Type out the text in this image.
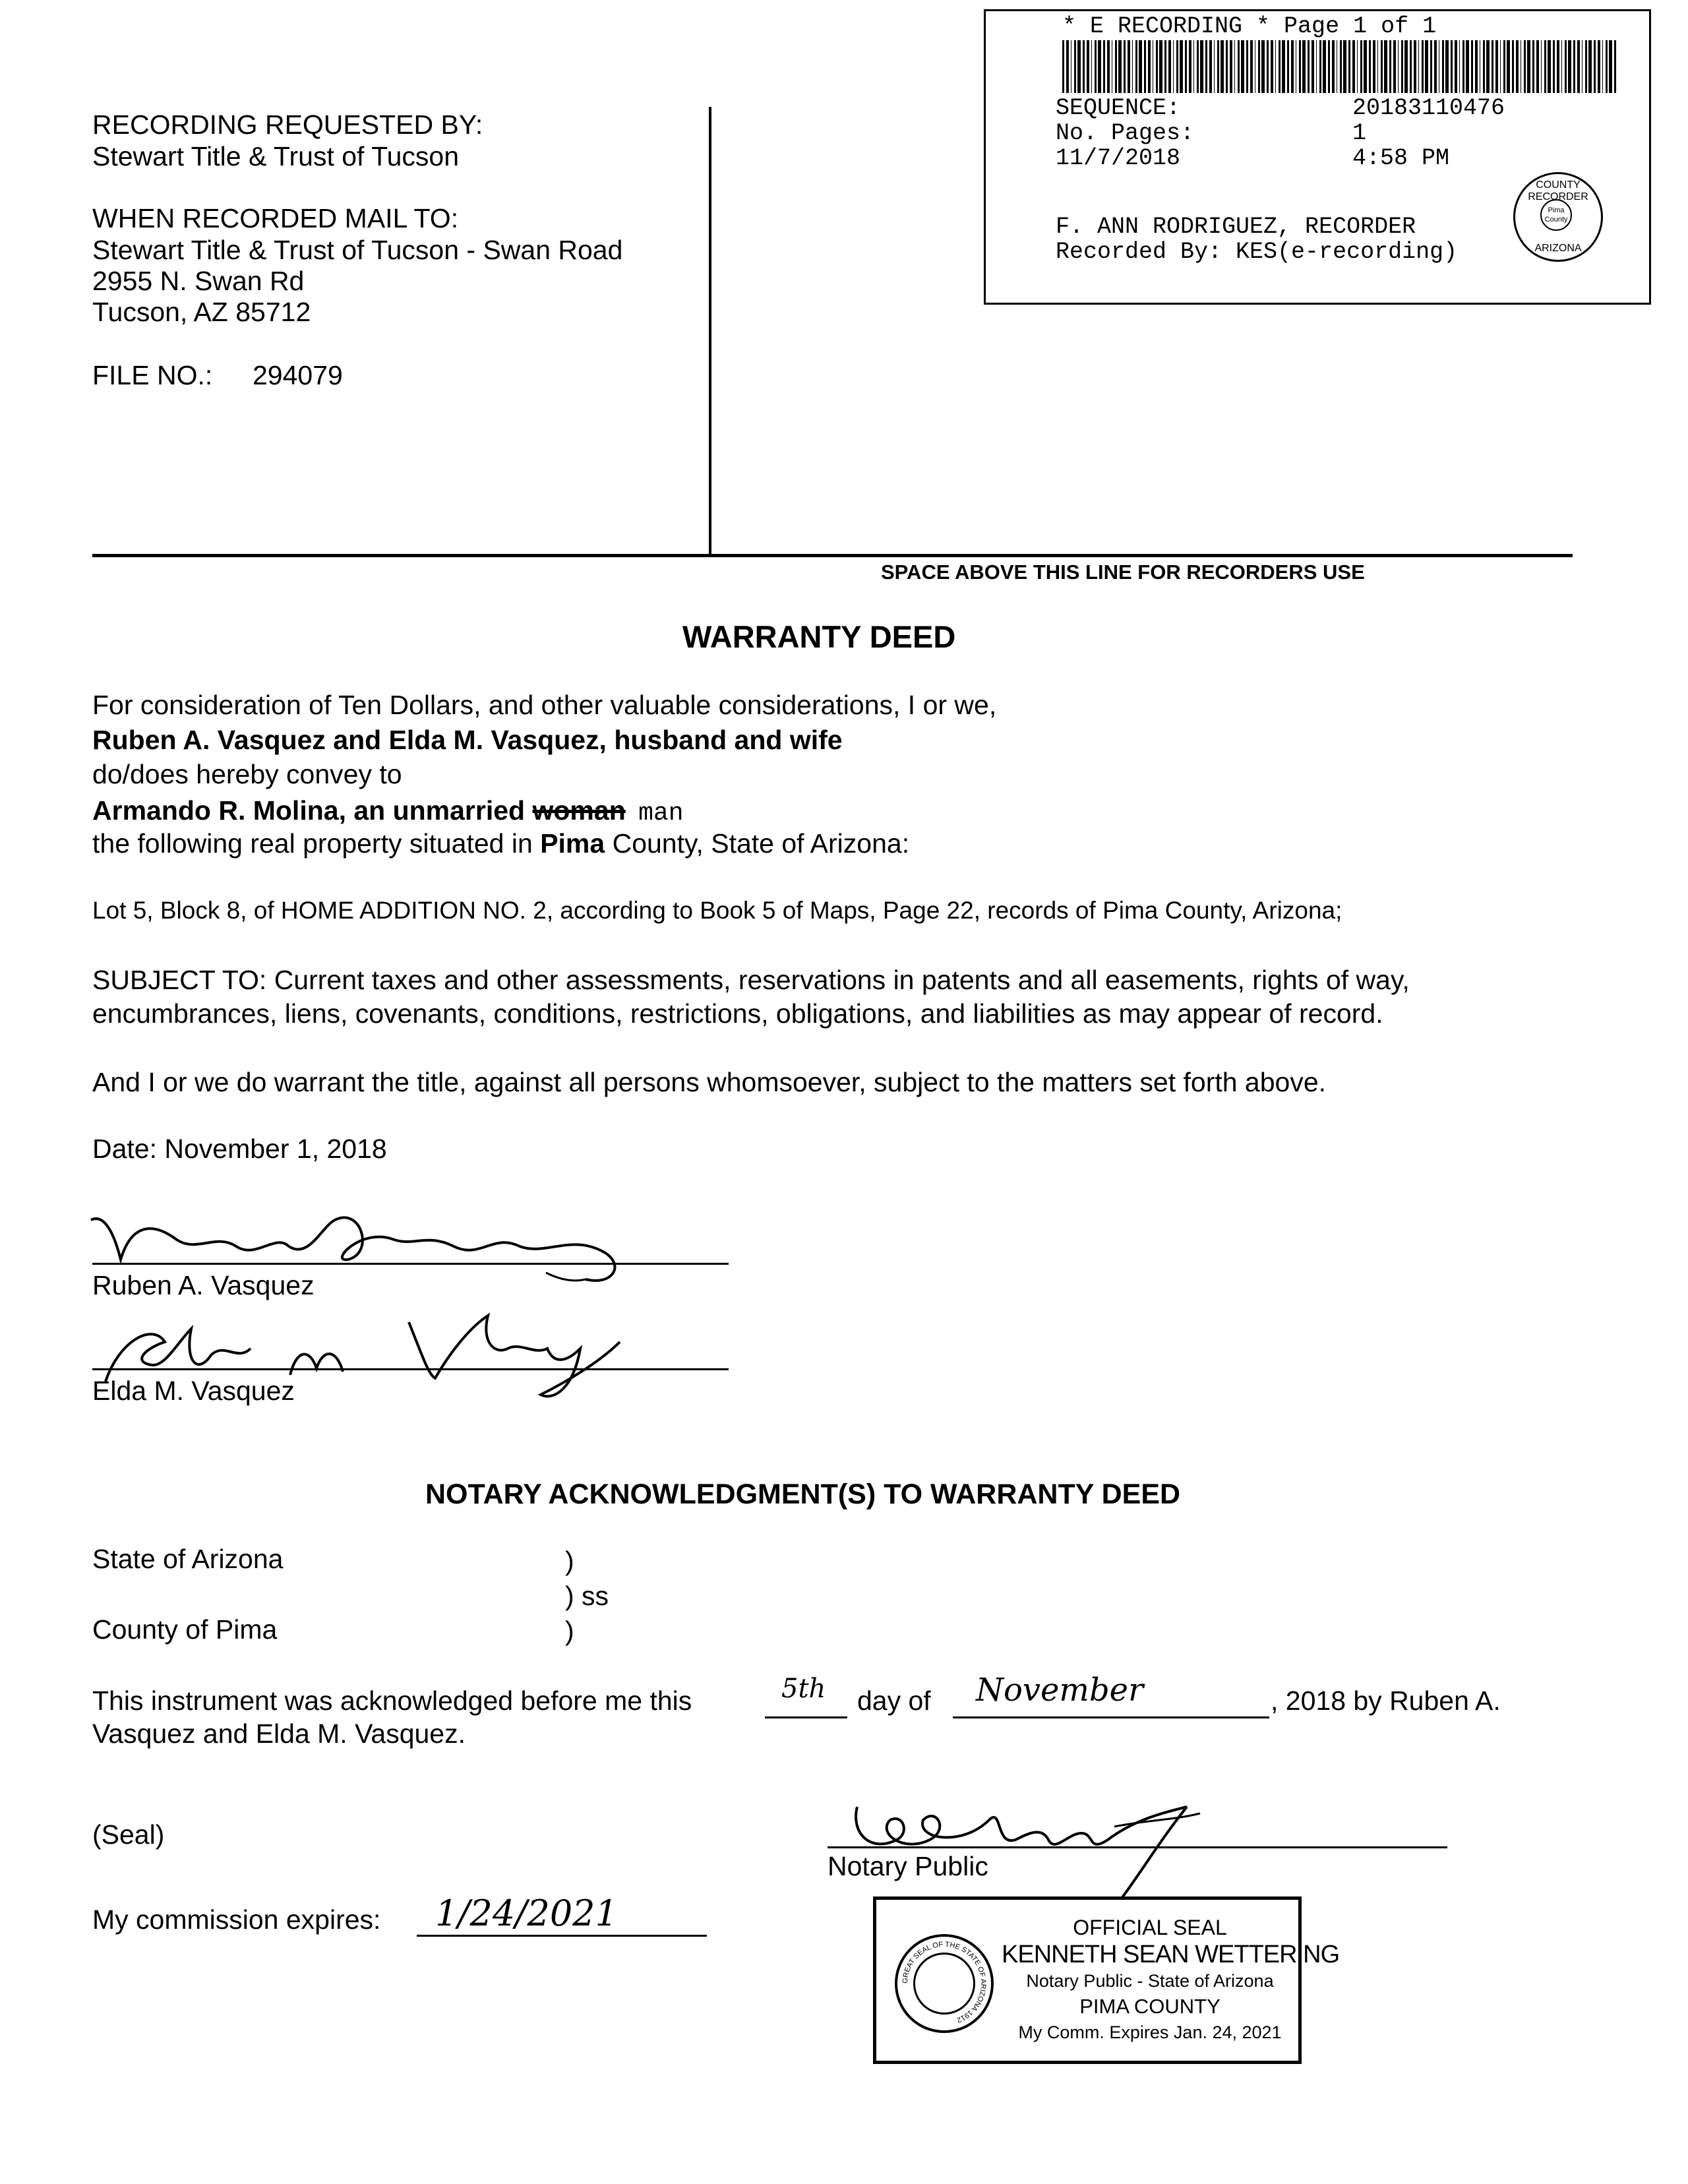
* E RECORDING * Page 1 of 1
SEQUENCE:	20183110476
No. Pages:	1
11/7/2018	4:58 PM
F. ANN RODRIGUEZ, RECORDER
Recorded By: KES(e-recording)
COUNTY RECORDER
Pima County
ARIZONA
RECORDING REQUESTED BY:
Stewart Title & Trust of Tucson
WHEN RECORDED MAIL TO:
Stewart Title & Trust of Tucson - Swan Road
2955 N. Swan Rd
Tucson, AZ 85712
FILE NO.: 294079
SPACE ABOVE THIS LINE FOR RECORDERS USE
WARRANTY DEED
For consideration of Ten Dollars, and other valuable considerations, I or we,
Ruben A. Vasquez and Elda M. Vasquez, husband and wife
do/does hereby convey to
Armando R. Molina, an unmarried woman man
the following real property situated in Pima County, State of Arizona:
Lot 5, Block 8, of HOME ADDITION NO. 2, according to Book 5 of Maps, Page 22, records of Pima County, Arizona;
SUBJECT TO: Current taxes and other assessments, reservations in patents and all easements, rights of way,
encumbrances, liens, covenants, conditions, restrictions, obligations, and liabilities as may appear of record.
And I or we do warrant the title, against all persons whomsoever, subject to the matters set forth above.
Date: November 1, 2018
Ruben A. Vasquez
Elda M. Vasquez
NOTARY ACKNOWLEDGMENT(S) TO WARRANTY DEED
State of Arizona
County of Pima
)
) ss
)
This instrument was acknowledged before me this	5th day of November	, 2018 by Ruben A.
Vasquez and Elda M. Vasquez.
(Seal)
Notary Public
My commission expires: 1/24/2021
GREAT SEAL OF THE STATE OF ARIZONA 1912
OFFICIAL SEAL
KENNETH SEAN WETTERING
Notary Public - State of Arizona
PIMA COUNTY
My Comm. Expires Jan. 24, 2021
